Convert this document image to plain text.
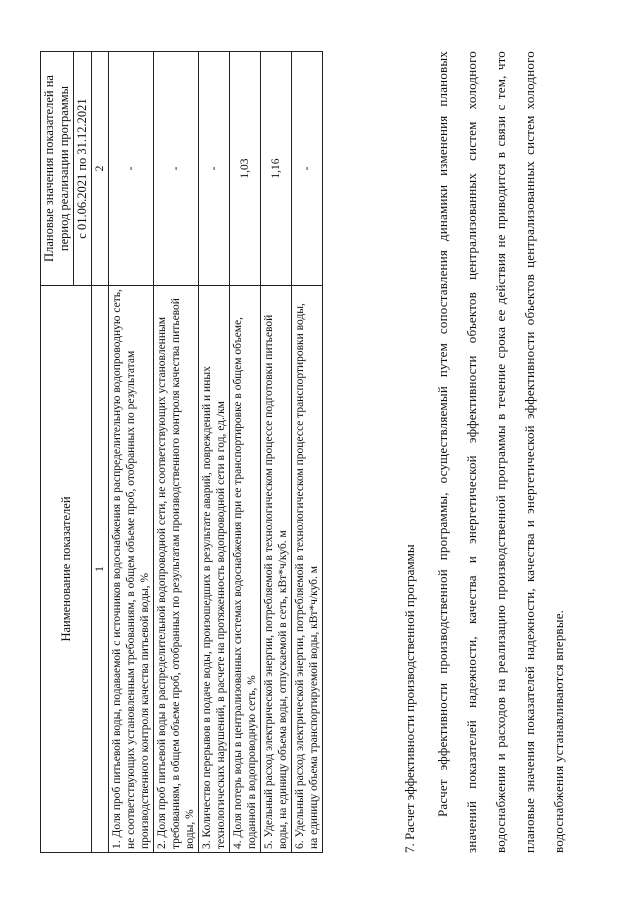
Наименование показателей	Плановые значения показателей на период реализации программы
	с 01.06.2021 по 31.12.2021
1	2
1. Доля проб питьевой воды, подаваемой с источников водоснабжения в распределительную водопроводную сеть, не соответствующих установленным требованиям, в общем объеме проб, отобранных по результатам производственного контроля качества питьевой воды, %	-
2. Доля проб питьевой воды в распределительной водопроводной сети, не соответствующих установленным требованиям, в общем объеме проб, отобранных по результатам производственного контроля качества питьевой воды, %	-
3. Количество перерывов в подаче воды, произошедших в результате аварий, повреждений и иных технологических нарушений, в расчете на протяженность водопроводной сети в год, ед./км	-
4. Доля потерь воды в централизованных системах водоснабжения при ее транспортировке в общем объеме, поданной в водопроводную сеть, %	1,03
5. Удельный расход электрической энергии, потребляемой в технологическом процессе подготовки питьевой воды, на единицу объема воды, отпускаемой в сеть, кВт*ч/куб. м	1,16
6. Удельный расход электрической энергии, потребляемой в технологическом процессе транспортировки воды, на единицу объема транспортируемой воды, кВт*ч/куб. м	-

7. Расчет эффективности производственной программы	Расчет эффективности производственной программы, осуществляемый путем сопоставления динамики изменения плановых значений показателей надежности, качества и энергетической эффективности объектов централизованных систем холодного водоснабжения и расходов на реализацию производственной программы в течение срока ее действия не приводится в связи с тем, что плановые значения показателей надежности, качества и энергетической эффективности объектов централизованных систем холодного водоснабжения устанавливаются впервые.
